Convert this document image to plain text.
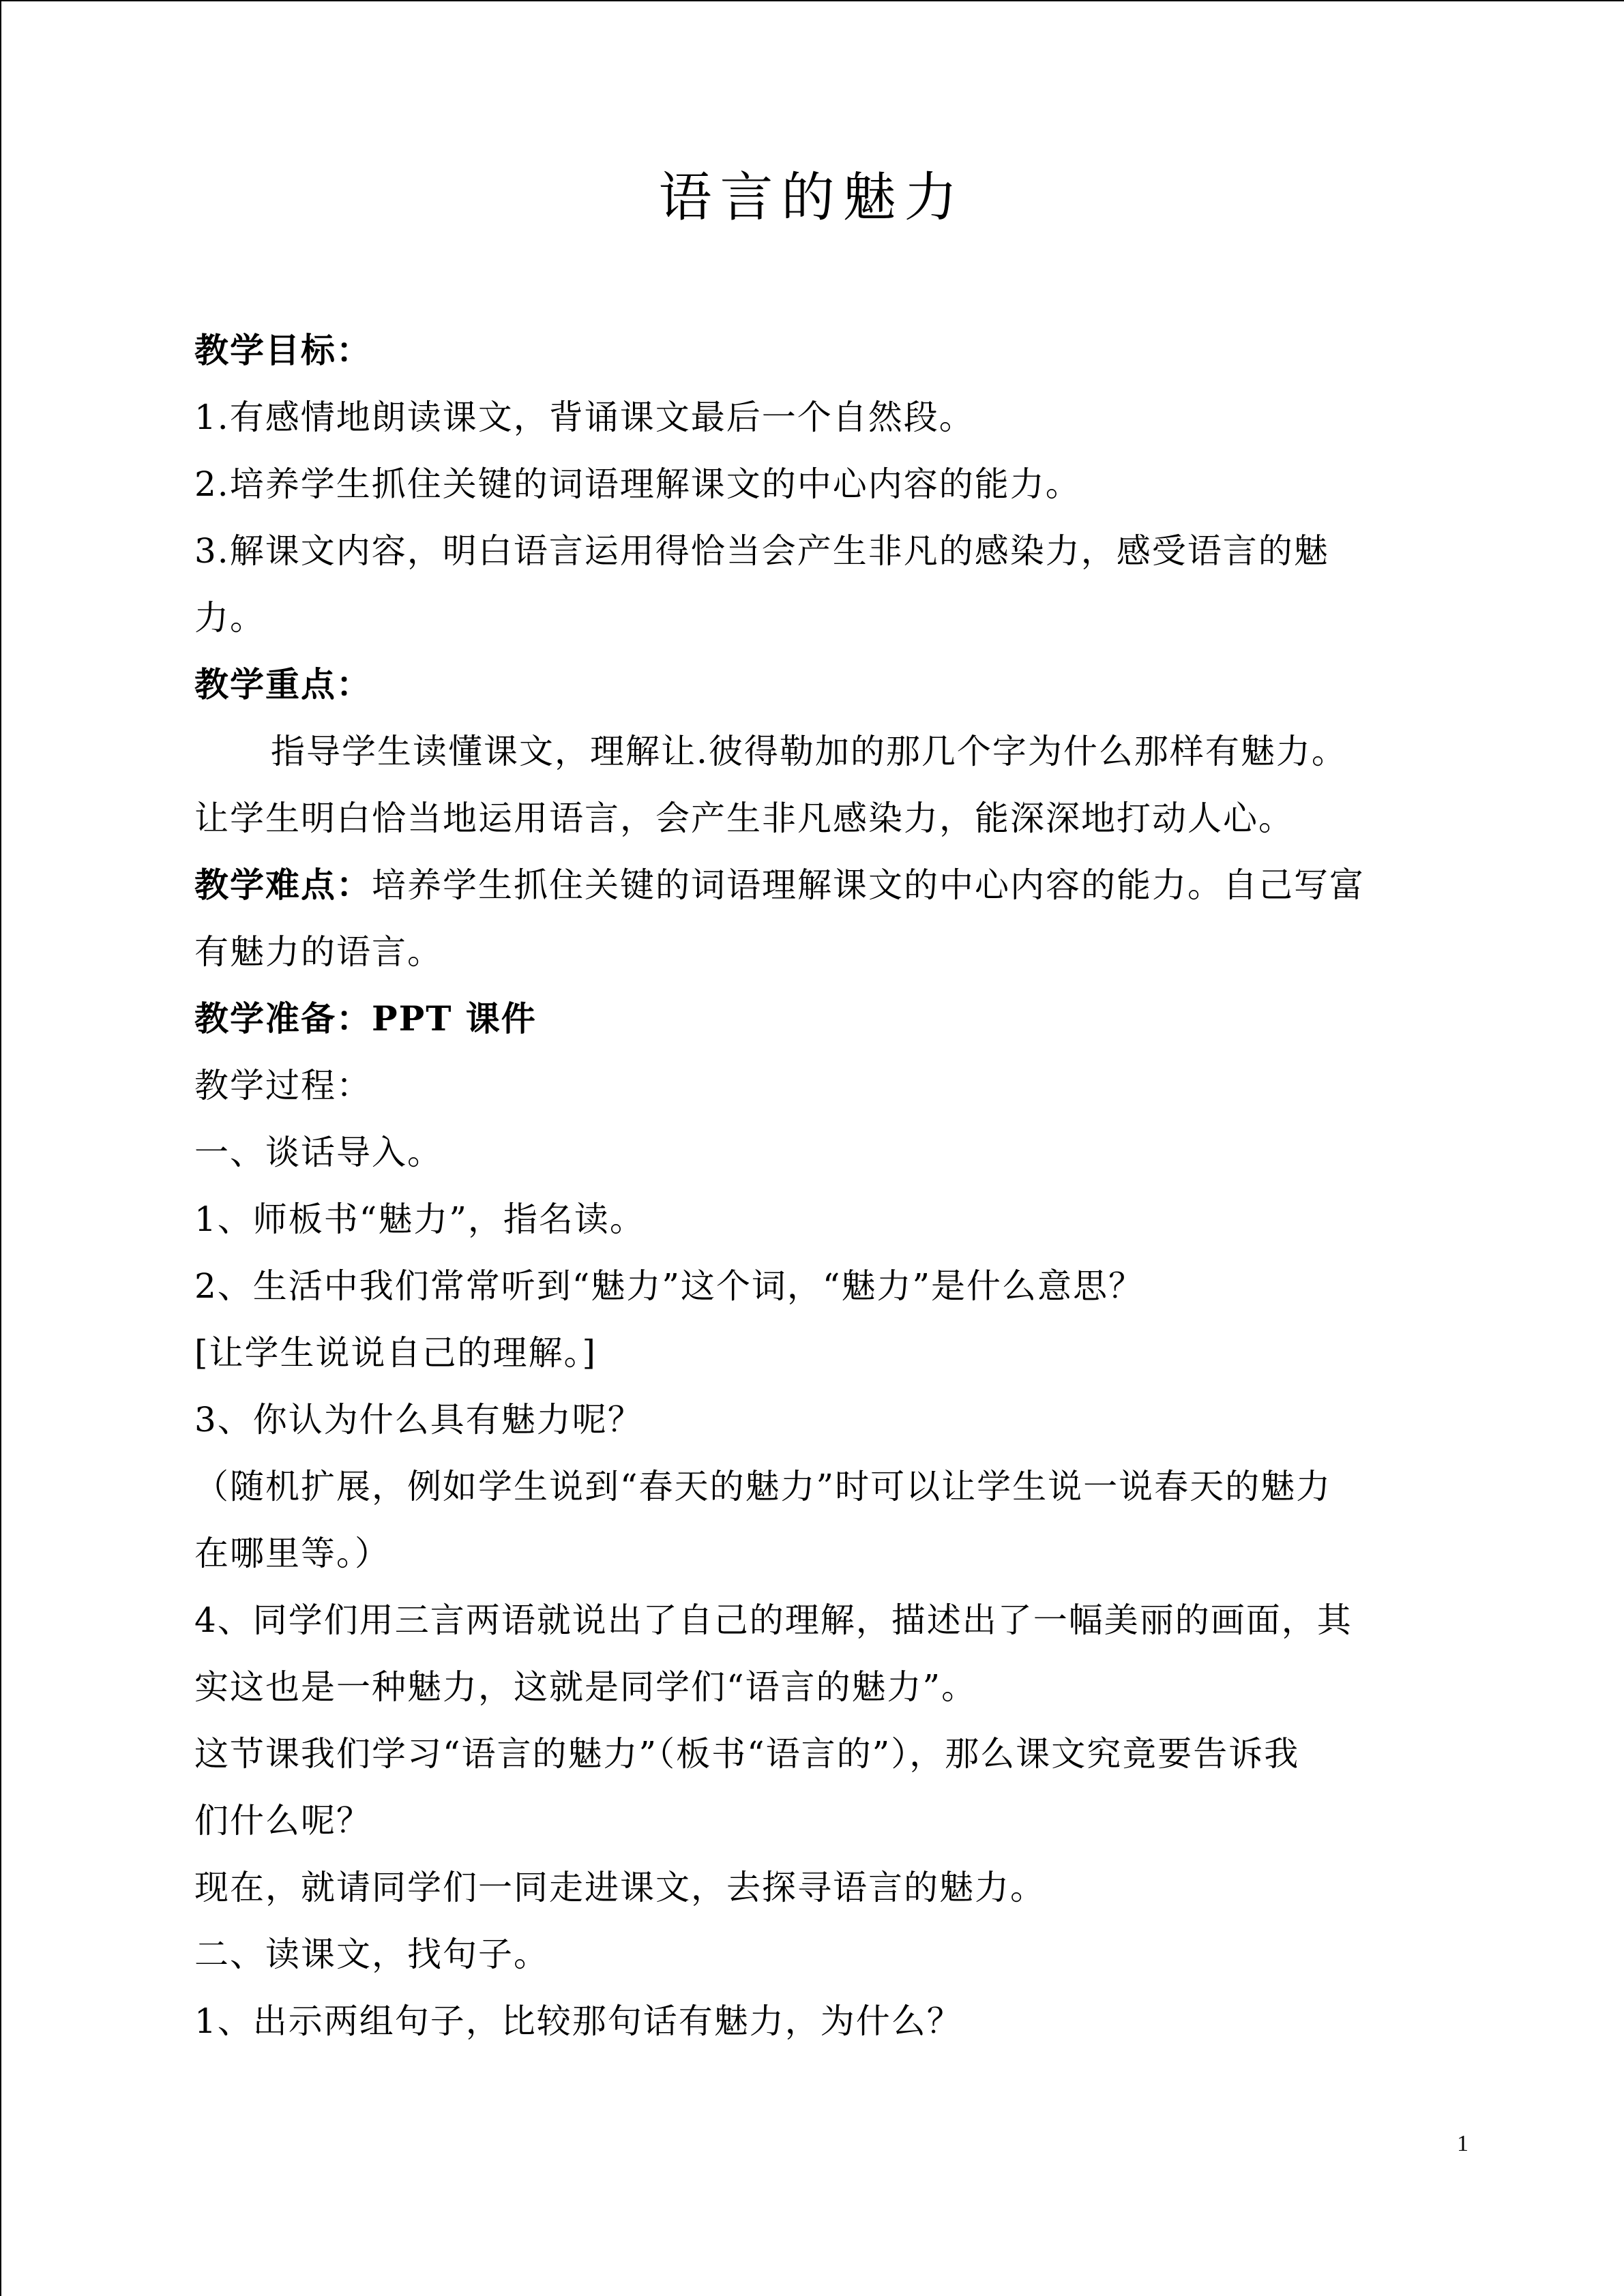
语言的魅力
教学目标：
1.有感情地朗读课文，背诵课文最后一个自然段。
2.培养学生抓住关键的词语理解课文的中心内容的能力。
3.解课文内容，明白语言运用得恰当会产生非凡的感染力，感受语言的魅
力。
教学重点：
指导学生读懂课文，理解让.彼得勒加的那几个字为什么那样有魅力。
让学生明白恰当地运用语言，会产生非凡感染力，能深深地打动人心。
教学难点：培养学生抓住关键的词语理解课文的中心内容的能力。自己写富
有魅力的语言。
教学准备：PPT 课件
教学过程：
一、谈话导入。
1、师板书“魅力”，指名读。
2、生活中我们常常听到“魅力”这个词，“魅力”是什么意思？
[让学生说说自己的理解。]
3、你认为什么具有魅力呢？
（随机扩展，例如学生说到“春天的魅力”时可以让学生说一说春天的魅力
在哪里等。）
4、同学们用三言两语就说出了自己的理解，描述出了一幅美丽的画面，其
实这也是一种魅力，这就是同学们“语言的魅力”。
这节课我们学习“语言的魅力”（板书“语言的”），那么课文究竟要告诉我
们什么呢？
现在，就请同学们一同走进课文，去探寻语言的魅力。
二、读课文，找句子。
1、出示两组句子，比较那句话有魅力，为什么？
1
